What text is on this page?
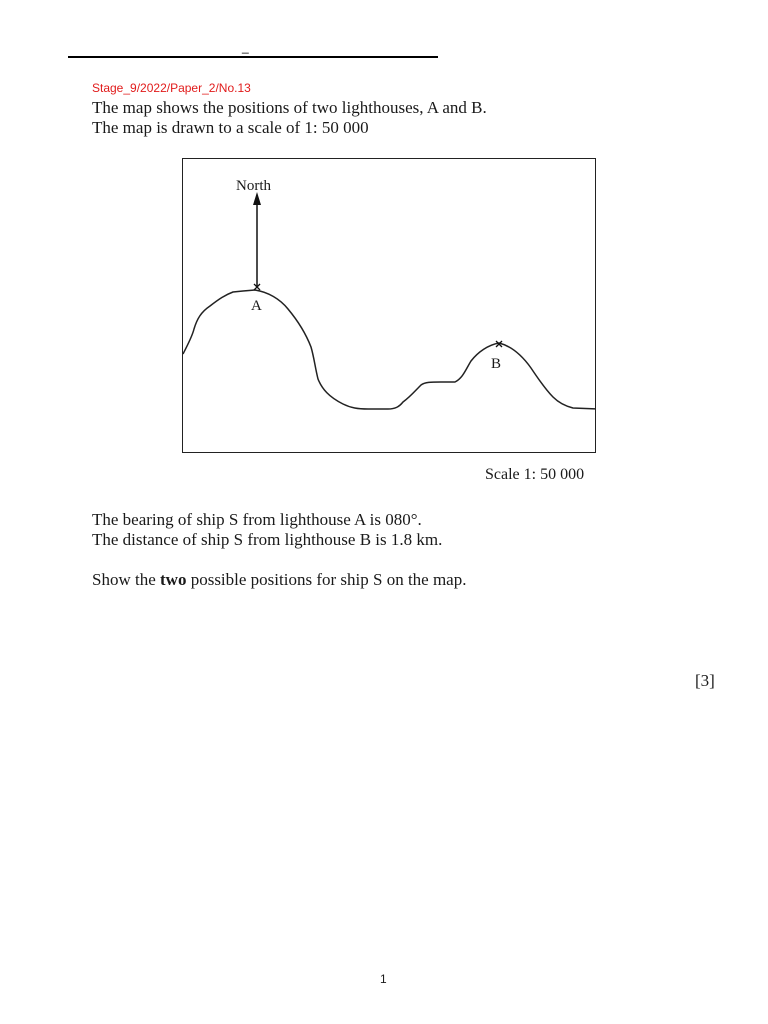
_
Stage_9/2022/Paper_2/No.13
The map shows the positions of two lighthouses, A and B.
The map is drawn to a scale of 1: 50 000
North
A
B
Scale 1: 50 000
The bearing of ship S from lighthouse A is 080°.
The distance of ship S from lighthouse B is 1.8 km.
Show the two possible positions for ship S on the map.
[3]
1
